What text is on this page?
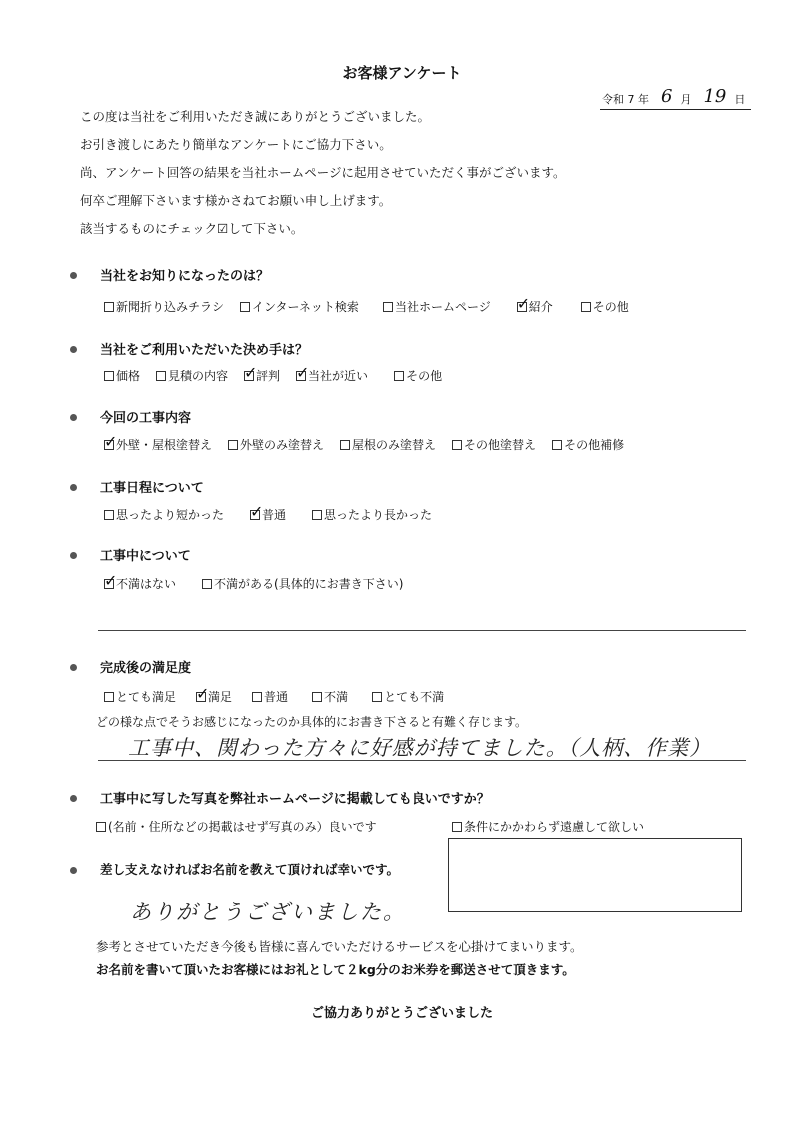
お客様アンケート
令和 7 年 6 月 19 日
この度は当社をご利用いただき誠にありがとうございました。
お引き渡しにあたり簡単なアンケートにご協力下さい。
尚、アンケート回答の結果を当社ホームページに起用させていただく事がございます。
何卒ご理解下さいます様かさねてお願い申し上げます。
該当するものにチェック☑して下さい。
当社をお知りになったのは？
新聞折り込みチラシ インターネット検索	当社ホームページ ✓
紹介	その他
当社をご利用いただいた決め手は？
価格 見積の内容 ✓
評判 ✓
当社が近い	その他
今回の工事内容
✓
外壁・屋根塗替え 外壁のみ塗替え 屋根のみ塗替え その他塗替え その他補修
工事日程について
思ったより短かった ✓
普通	思ったより長かった
工事中について
✓
不満はない	不満がある(具体的にお書き下さい)
完成後の満足度
とても満足 ✓
満足	普通	不満	とても不満
どの様な点でそうお感じになったのか具体的にお書き下さると有難く存じます。
工事中、関わった方々に好感が持てました。（人柄、作業）
工事中に写した写真を弊社ホームページに掲載しても良いですか？
(名前・住所などの掲載はせず写真のみ）良いです	条件にかかわらず遠慮して欲しい
差し支えなければお名前を教えて頂ければ幸いです。
ありがとうございました。
参考とさせていただき今後も皆様に喜んでいただけるサービスを心掛けてまいります。
お名前を書いて頂いたお客様にはお礼として２kg分のお米券を郵送させて頂きます。
ご協力ありがとうございました
